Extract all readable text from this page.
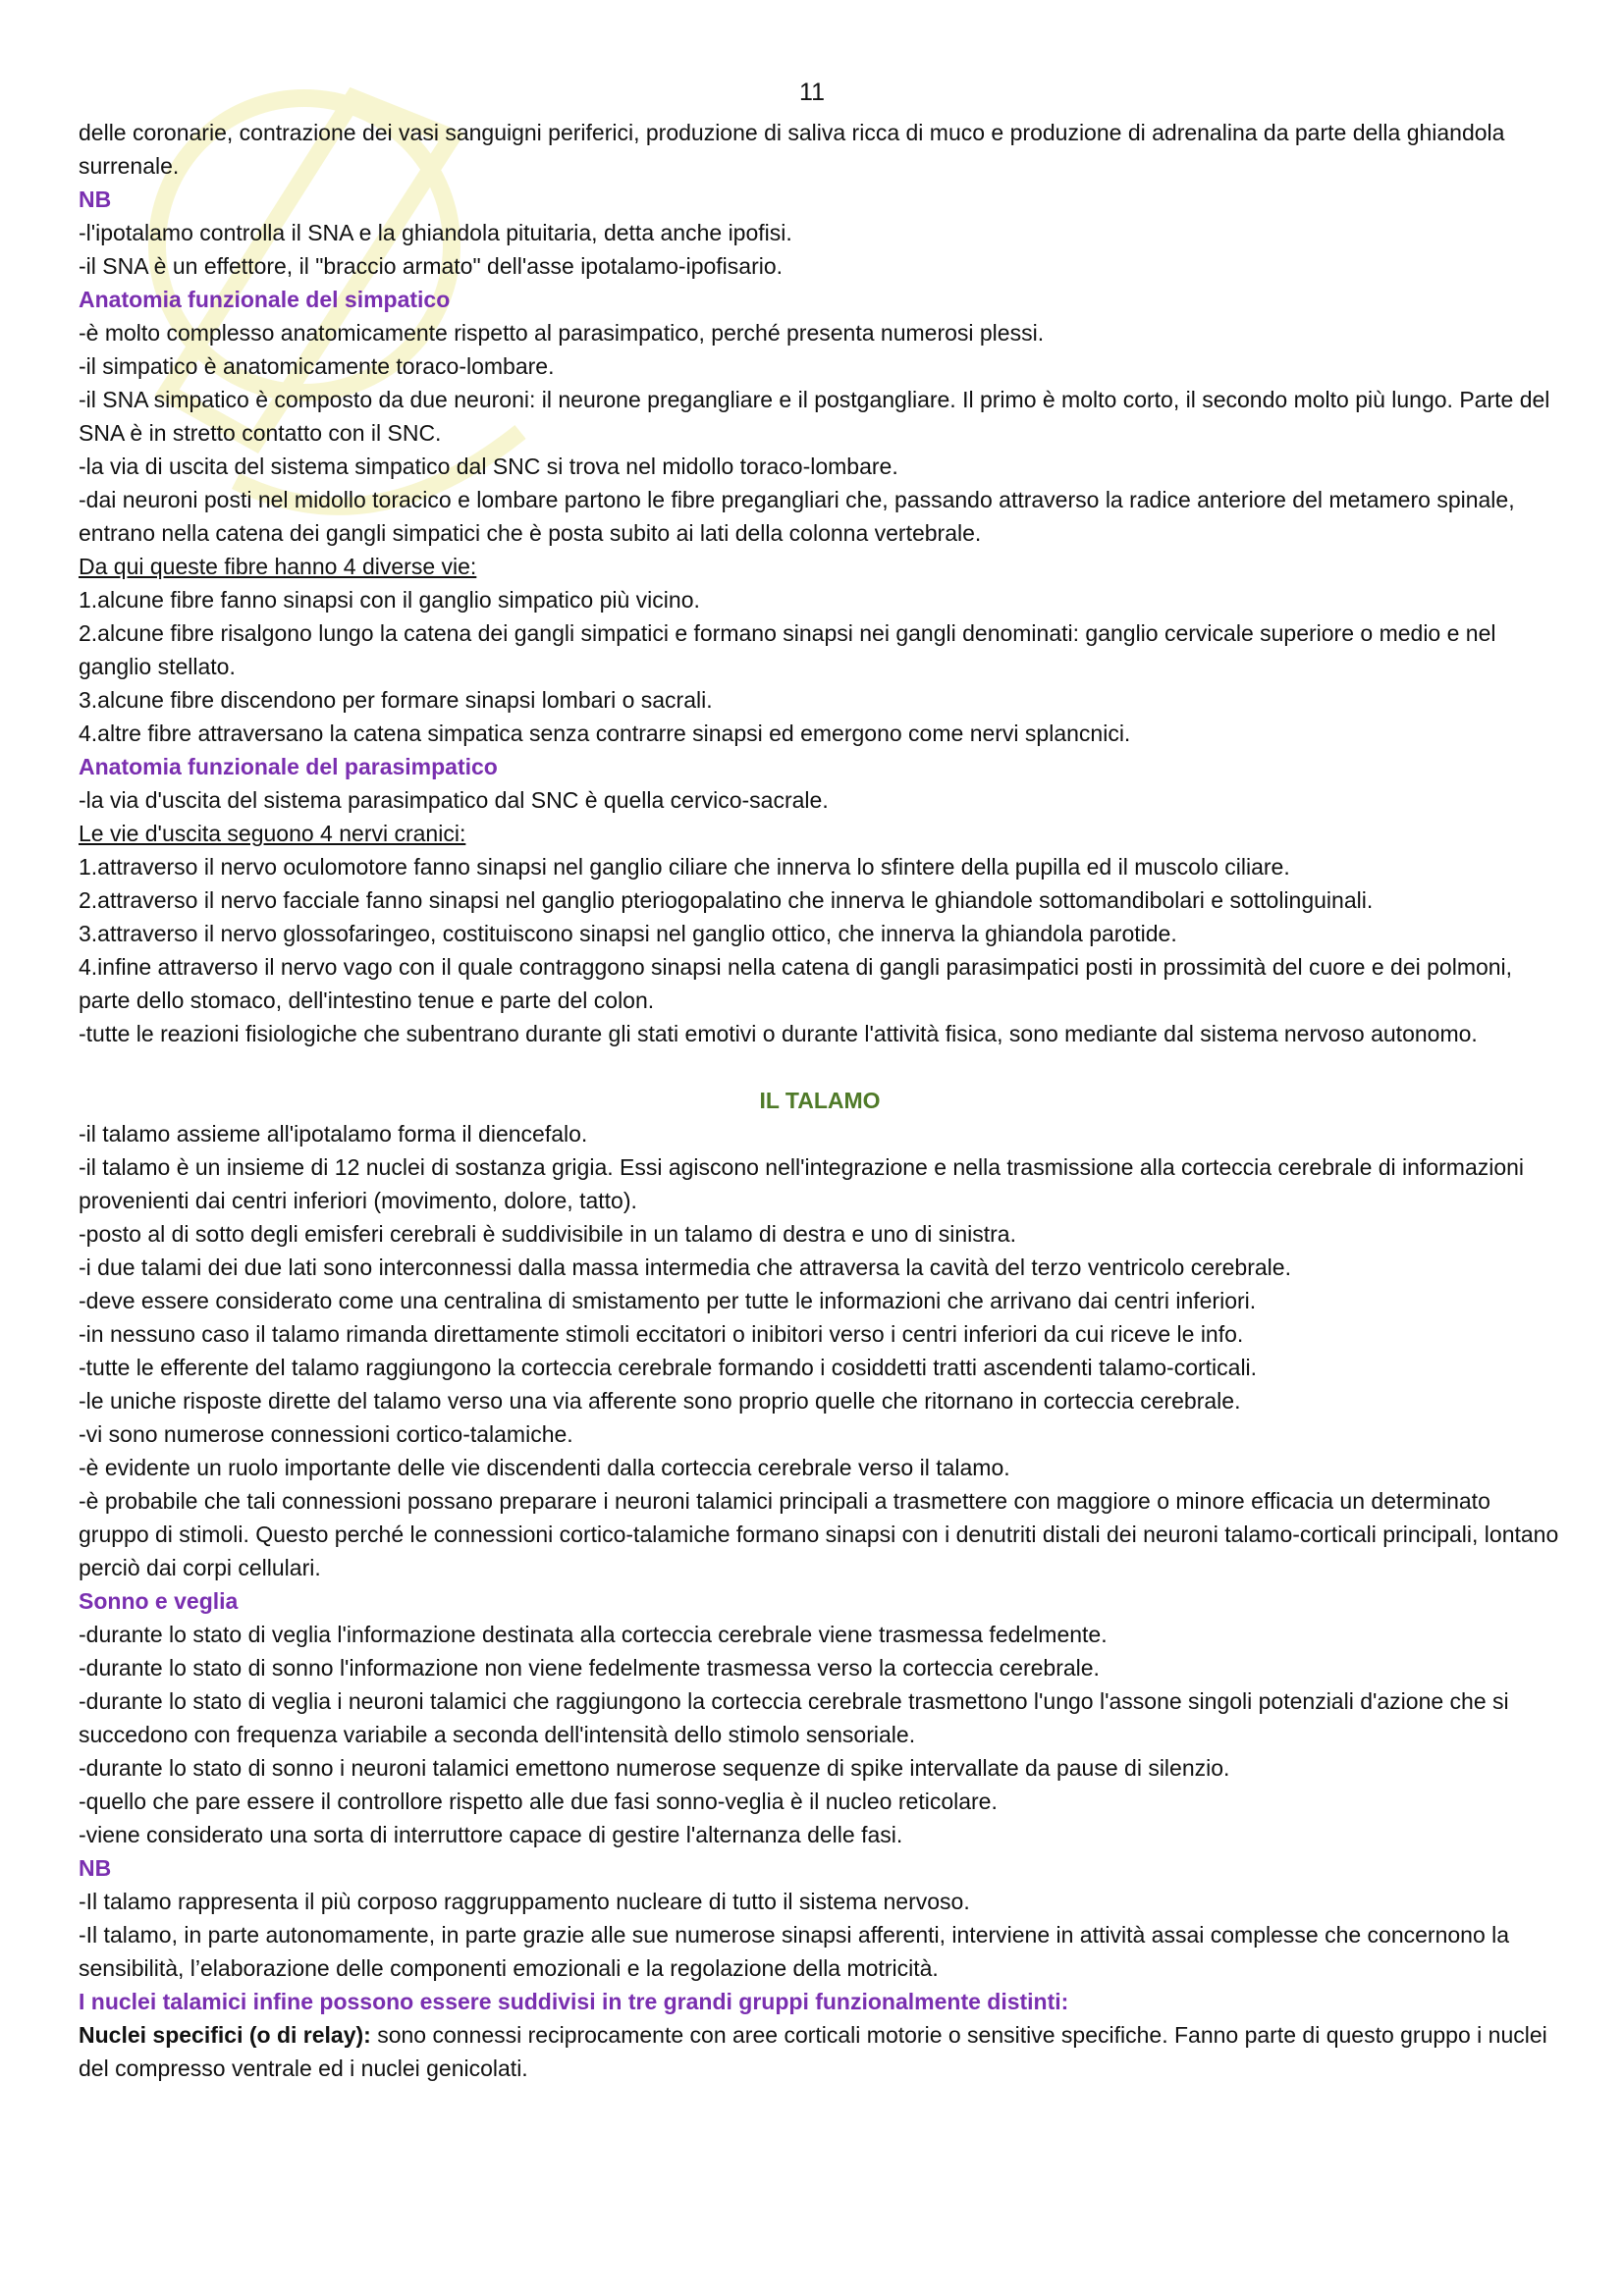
11

delle coronarie, contrazione dei vasi sanguigni periferici, produzione di saliva ricca di muco e produzione di adrenalina da parte della ghiandola surrenale.

NB

-l'ipotalamo controlla il SNA e la ghiandola pituitaria, detta anche ipofisi.

-il SNA è un effettore, il "braccio armato" dell'asse ipotalamo-ipofisario.

Anatomia funzionale del simpatico

-è molto complesso anatomicamente rispetto al parasimpatico, perché presenta numerosi plessi.

-il simpatico è anatomicamente toraco-lombare.

-il SNA simpatico è composto da due neuroni: il neurone pregangliare e il postgangliare. Il primo è molto corto, il secondo molto più lungo. Parte del SNA è in stretto contatto con il SNC.

-la via di uscita del sistema simpatico dal SNC si trova nel midollo toraco-lombare.

-dai neuroni posti nel midollo toracico e lombare partono le fibre pregangliari che, passando attraverso la radice anteriore del metamero spinale, entrano nella catena dei gangli simpatici che è posta subito ai lati della colonna vertebrale.

Da qui queste fibre hanno 4 diverse vie:

1.alcune fibre fanno sinapsi con il ganglio simpatico più vicino.

2.alcune fibre risalgono lungo la catena dei gangli simpatici e formano sinapsi nei gangli denominati: ganglio cervicale superiore o medio e nel ganglio stellato.

3.alcune fibre discendono per formare sinapsi lombari o sacrali.

4.altre fibre attraversano la catena simpatica senza contrarre sinapsi ed emergono come nervi splancnici.

Anatomia funzionale del parasimpatico

-la via d'uscita del sistema parasimpatico dal SNC è quella cervico-sacrale.

Le vie d'uscita seguono 4 nervi cranici:

1.attraverso il nervo oculomotore fanno sinapsi nel ganglio ciliare che innerva lo sfintere della pupilla ed il muscolo ciliare.

2.attraverso il nervo facciale fanno sinapsi nel ganglio pteriogopalatino che innerva le ghiandole sottomandibolari e sottolinguinali.

3.attraverso il nervo glossofaringeo, costituiscono sinapsi nel ganglio ottico, che innerva la ghiandola parotide.

4.infine attraverso il nervo vago con il quale contraggono sinapsi nella catena di gangli parasimpatici posti in prossimità del cuore e dei polmoni, parte dello stomaco, dell'intestino tenue e parte del colon.

-tutte le reazioni fisiologiche che subentrano durante gli stati emotivi o durante l'attività fisica, sono mediante dal sistema nervoso autonomo.

IL TALAMO

-il talamo assieme all'ipotalamo forma il diencefalo.

-il talamo è un insieme di 12 nuclei di sostanza grigia. Essi agiscono nell'integrazione e nella trasmissione alla corteccia cerebrale di informazioni provenienti dai centri inferiori (movimento, dolore, tatto).

-posto al di sotto degli emisferi cerebrali è suddivisibile in un talamo di destra e uno di sinistra.

-i due talami dei due lati sono interconnessi dalla massa intermedia che attraversa la cavità del terzo ventricolo cerebrale.

-deve essere considerato come una centralina di smistamento per tutte le informazioni che arrivano dai centri inferiori.

-in nessuno caso il talamo rimanda direttamente stimoli eccitatori o inibitori verso i centri inferiori da cui riceve le info.

-tutte le efferente del talamo raggiungono la corteccia cerebrale formando i cosiddetti tratti ascendenti talamo-corticali.

-le uniche risposte dirette del talamo verso una via afferente sono proprio quelle che ritornano in corteccia cerebrale.

-vi sono numerose connessioni cortico-talamiche.

-è evidente un ruolo importante delle vie discendenti dalla corteccia cerebrale verso il talamo.

-è probabile che tali connessioni possano preparare i neuroni talamici principali a trasmettere con maggiore o minore efficacia un determinato gruppo di stimoli. Questo perché le connessioni cortico-talamiche formano sinapsi con i denutriti distali dei neuroni talamo-corticali principali, lontano perciò dai corpi cellulari.

Sonno e veglia

-durante lo stato di veglia l'informazione destinata alla corteccia cerebrale viene trasmessa fedelmente.

-durante lo stato di sonno l'informazione non viene fedelmente trasmessa verso la corteccia cerebrale.

-durante lo stato di veglia i neuroni talamici che raggiungono la corteccia cerebrale trasmettono l'ungo l'assone singoli potenziali d'azione che si succedono con frequenza variabile a seconda dell'intensità dello stimolo sensoriale.

-durante lo stato di sonno i neuroni talamici emettono numerose sequenze di spike intervallate da pause di silenzio.

-quello che pare essere il controllore rispetto alle due fasi sonno-veglia è il nucleo reticolare.

-viene considerato una sorta di interruttore capace di gestire l'alternanza delle fasi.

NB

-Il talamo rappresenta il più corposo raggruppamento nucleare di tutto il sistema nervoso.

-Il talamo, in parte autonomamente, in parte grazie alle sue numerose sinapsi afferenti, interviene in attività assai complesse che concernono la sensibilità, l’elaborazione delle componenti emozionali e la regolazione della motricità.

I nuclei talamici infine possono essere suddivisi in tre grandi gruppi funzionalmente distinti:

Nuclei specifici (o di relay): sono connessi reciprocamente con aree corticali motorie o sensitive specifiche. Fanno parte di questo gruppo i nuclei del compresso ventrale ed i nuclei genicolati.
